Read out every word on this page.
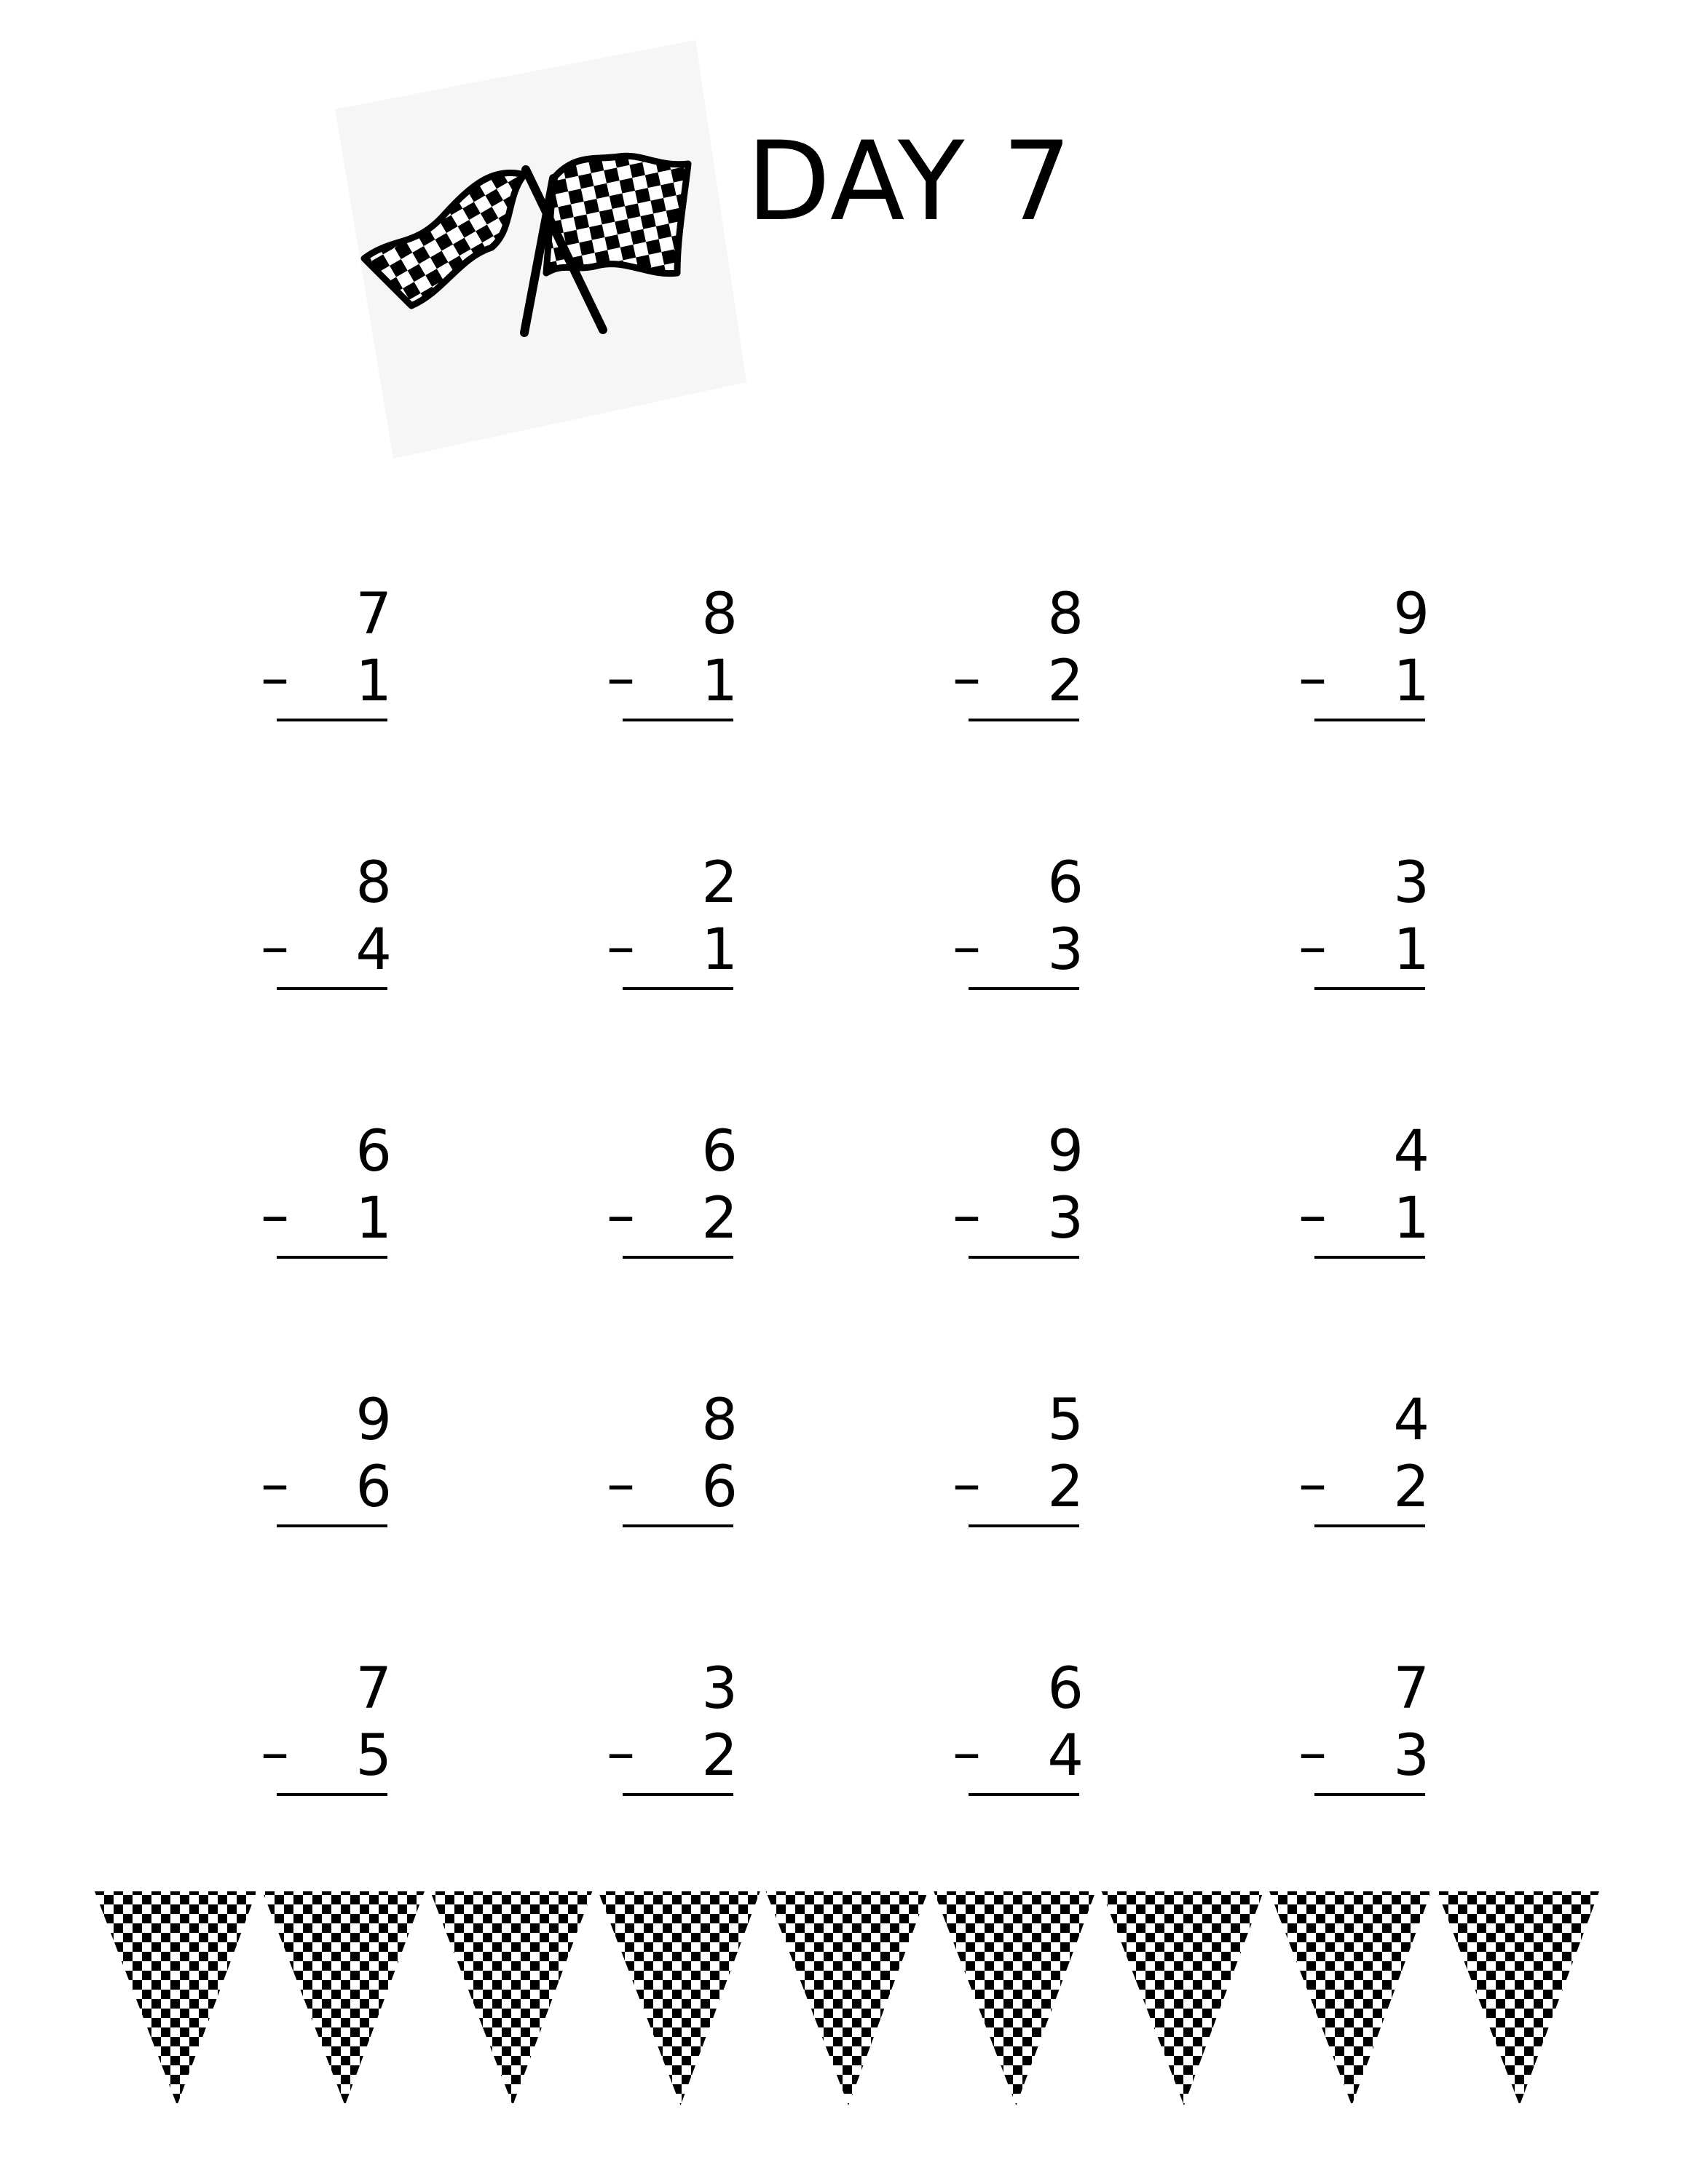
DAY 7
7
–	1
8
–	1
8
–	2
9
–	1
8
–	4
2
–	1
6
–	3
3
–	1
6
–	1
6
–	2
9
–	3
4
–	1
9
–	6
8
–	6
5
–	2
4
–	2
7
–	5
3
–	2
6
–	4
7
–	3
